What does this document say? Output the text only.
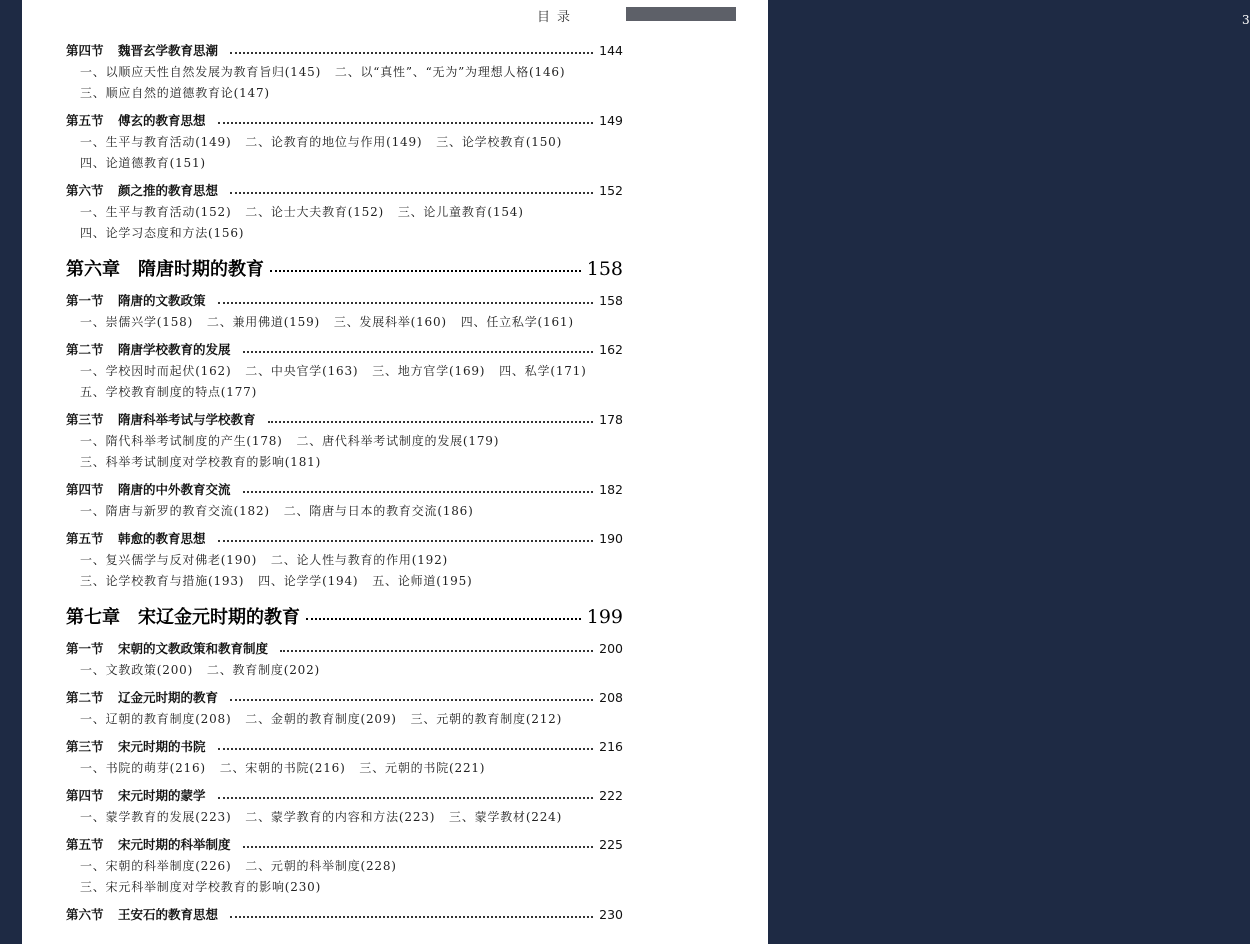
目录	3
第四节	魏晋玄学教育思潮	144
一、以顺应天性自然发展为教育旨归(145)   二、以“真性”、“无为”为理想人格(146)
三、顺应自然的道德教育论(147)
第五节	傅玄的教育思想	149
一、生平与教育活动(149)   二、论教育的地位与作用(149)   三、论学校教育(150)
四、论道德教育(151)
第六节	颜之推的教育思想	152
一、生平与教育活动(152)   二、论士大夫教育(152)   三、论儿童教育(154)
四、论学习态度和方法(156)
第六章 隋唐时期的教育	158
第一节	隋唐的文教政策	158
一、崇儒兴学(158)   二、兼用佛道(159)   三、发展科举(160)   四、任立私学(161)
第二节	隋唐学校教育的发展	162
一、学校因时而起伏(162)   二、中央官学(163)   三、地方官学(169)   四、私学(171)
五、学校教育制度的特点(177)
第三节	隋唐科举考试与学校教育	178
一、隋代科举考试制度的产生(178)   二、唐代科举考试制度的发展(179)
三、科举考试制度对学校教育的影响(181)
第四节	隋唐的中外教育交流	182
一、隋唐与新罗的教育交流(182)   二、隋唐与日本的教育交流(186)
第五节	韩愈的教育思想	190
一、复兴儒学与反对佛老(190)   二、论人性与教育的作用(192)
三、论学校教育与措施(193)   四、论学学(194)   五、论师道(195)
第七章 宋辽金元时期的教育	199
第一节	宋朝的文教政策和教育制度	200
一、文教政策(200)   二、教育制度(202)
第二节	辽金元时期的教育	208
一、辽朝的教育制度(208)   二、金朝的教育制度(209)   三、元朝的教育制度(212)
第三节	宋元时期的书院	216
一、书院的萌芽(216)   二、宋朝的书院(216)   三、元朝的书院(221)
第四节	宋元时期的蒙学	222
一、蒙学教育的发展(223)   二、蒙学教育的内容和方法(223)   三、蒙学教材(224)
第五节	宋元时期的科举制度	225
一、宋朝的科举制度(226)   二、元朝的科举制度(228)
三、宋元科举制度对学校教育的影响(230)
第六节	王安石的教育思想	230
